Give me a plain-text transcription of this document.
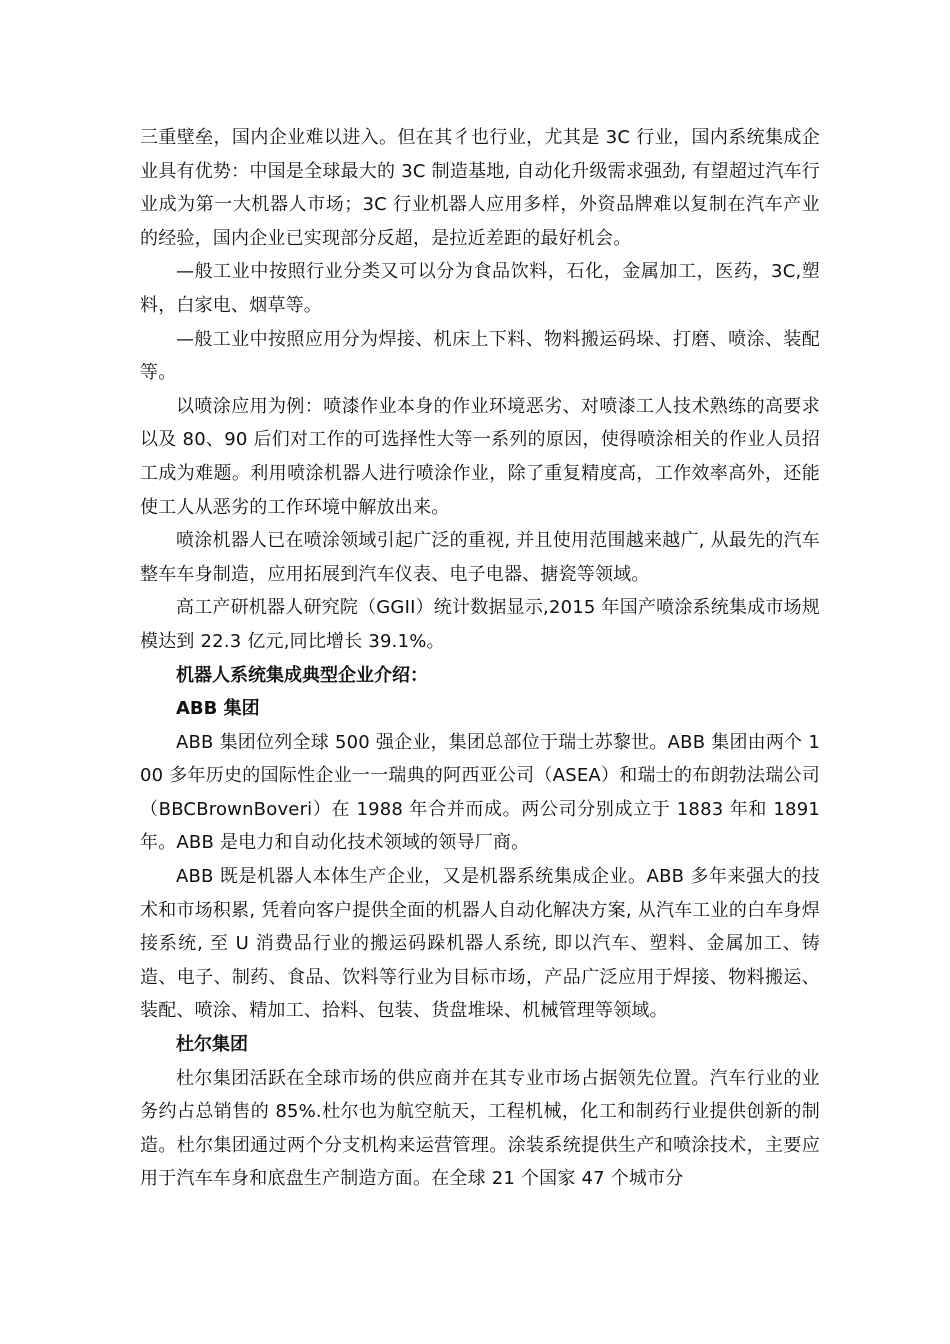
三重壁垒，国内企业难以进入。但在其彳也行业，尤其是 3C 行业，国内系统集成企业具有优势：中国是全球最大的 3C 制造基地, 自动化升级需求强劲, 有望超过汽车行业成为第一大机器人市场；3C 行业机器人应用多样，外资品牌难以复制在汽车产业的经验，国内企业已实现部分反超，是拉近差距的最好机会。

—般工业中按照行业分类又可以分为食品饮料，石化，金属加工，医药，3C,塑料，白家电、烟草等。

—般工业中按照应用分为焊接、机床上下料、物料搬运码垛、打磨、喷涂、装配等。

以喷涂应用为例：喷漆作业本身的作业环境恶劣、对喷漆工人技术熟练的高要求以及 80、90 后们对工作的可选择性大等一系列的原因，使得喷涂相关的作业人员招工成为难题。利用喷涂机器人进行喷涂作业，除了重复精度高，工作效率高外，还能使工人从恶劣的工作环境中解放出来。

喷涂机器人已在喷涂领域引起广泛的重视, 并且使用范围越来越广, 从最先的汽车整车车身制造，应用拓展到汽车仪表、电子电器、搪瓷等领域。

高工产研机器人研究院（GGII）统计数据显示,2015 年国产喷涂系统集成市场规模达到 22.3 亿元,同比增长 39.1%。

机器人系统集成典型企业介绍：

ABB 集团

ABB 集团位列全球 500 强企业，集团总部位于瑞士苏黎世。ABB 集团由两个 100 多年历史的国际性企业一一瑞典的阿西亚公司（ASEA）和瑞士的布朗勃法瑞公司（BBCBrownBoveri）在 1988 年合并而成。两公司分别成立于 1883 年和 1891 年。ABB 是电力和自动化技术领域的领导厂商。

ABB 既是机器人本体生产企业，又是机器系统集成企业。ABB 多年来强大的技术和市场积累, 凭着向客户提供全面的机器人自动化解决方案, 从汽车工业的白车身焊接系统, 至 U 消费品行业的搬运码跺机器人系统, 即以汽车、塑料、金属加工、铸造、电子、制药、食品、饮料等行业为目标市场，产品广泛应用于焊接、物料搬运、装配、喷涂、精加工、拾料、包装、货盘堆垛、机械管理等领域。

杜尔集团

杜尔集团活跃在全球市场的供应商并在其专业市场占据领先位置。汽车行业的业务约占总销售的 85%.杜尔也为航空航天，工程机械，化工和制药行业提供创新的制造。杜尔集团通过两个分支机构来运营管理。涂装系统提供生产和喷涂技术，主要应用于汽车车身和底盘生产制造方面。在全球 21 个国家 47 个城市分
